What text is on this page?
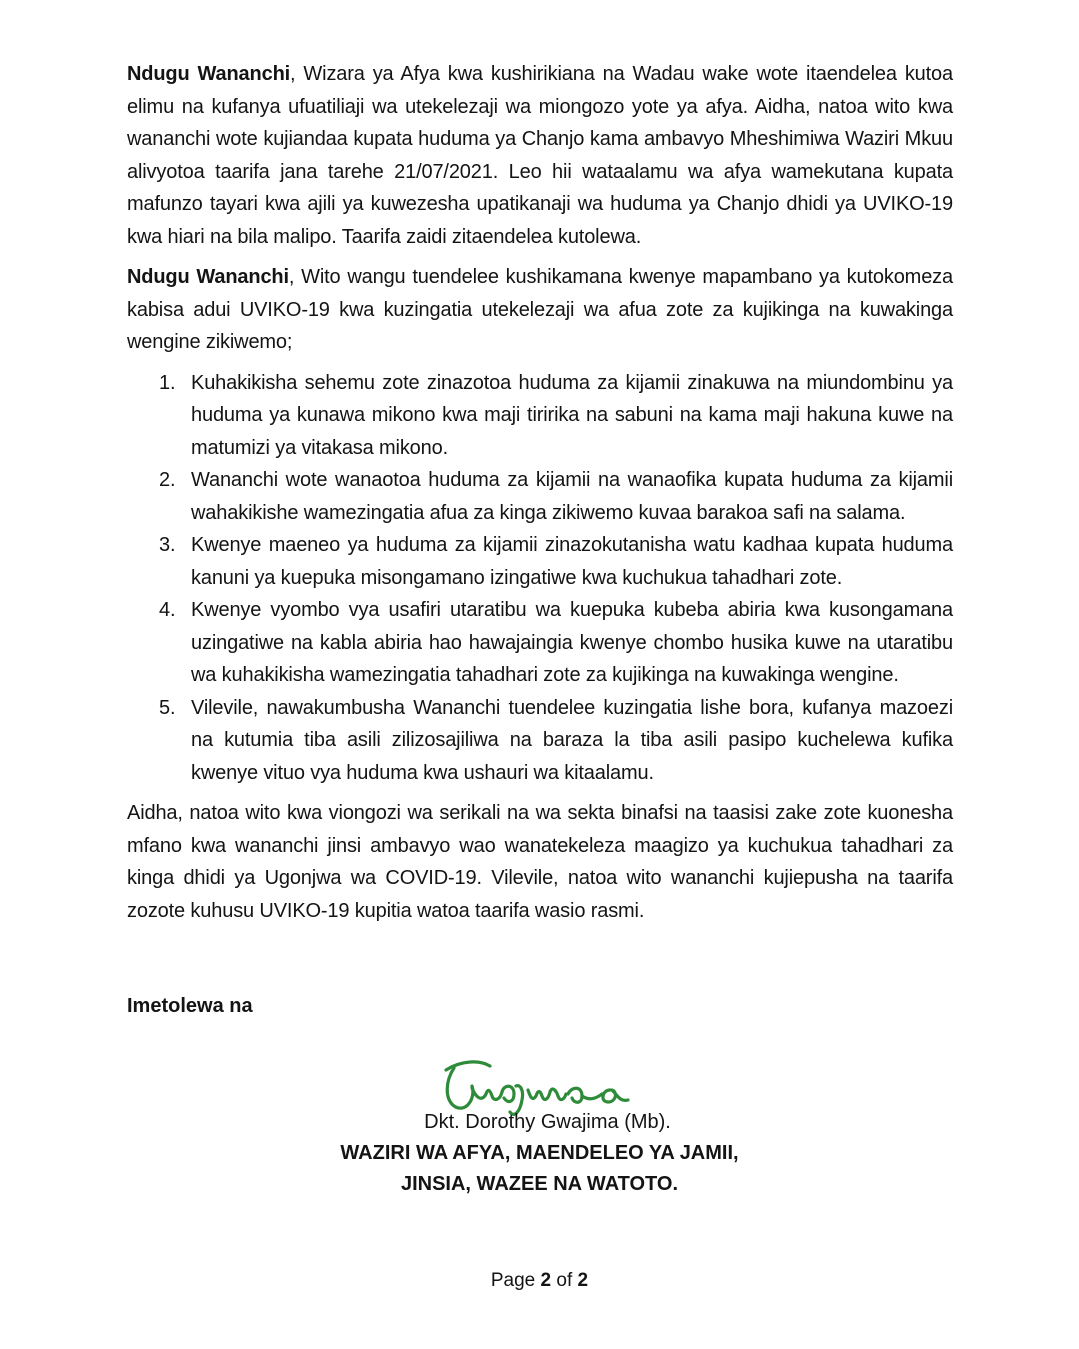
Ndugu Wananchi, Wizara ya Afya kwa kushirikiana na Wadau wake wote itaendelea kutoa elimu na kufanya ufuatiliaji wa utekelezaji wa miongozo yote ya afya. Aidha, natoa wito kwa wananchi wote kujiandaa kupata huduma ya Chanjo kama ambavyo Mheshimiwa Waziri Mkuu alivyotoa taarifa jana tarehe 21/07/2021. Leo hii wataalamu wa afya wamekutana kupata mafunzo tayari kwa ajili ya kuwezesha upatikanaji wa huduma ya Chanjo dhidi ya UVIKO-19 kwa hiari na bila malipo. Taarifa zaidi zitaendelea kutolewa.

Ndugu Wananchi, Wito wangu tuendelee kushikamana kwenye mapambano ya kutokomeza kabisa adui UVIKO-19 kwa kuzingatia utekelezaji wa afua zote za kujikinga na kuwakinga wengine zikiwemo;

1. Kuhakikisha sehemu zote zinazotoa huduma za kijamii zinakuwa na miundombinu ya huduma ya kunawa mikono kwa maji tiririka na sabuni na kama maji hakuna kuwe na matumizi ya vitakasa mikono.
2. Wananchi wote wanaotoa huduma za kijamii na wanaofika kupata huduma za kijamii wahakikishe wamezingatia afua za kinga zikiwemo kuvaa barakoa safi na salama.
3. Kwenye maeneo ya huduma za kijamii zinazokutanisha watu kadhaa kupata huduma kanuni ya kuepuka misongamano izingatiwe kwa kuchukua tahadhari zote.
4. Kwenye vyombo vya usafiri utaratibu wa kuepuka kubeba abiria kwa kusongamana uzingatiwe na kabla abiria hao hawajaingia kwenye chombo husika kuwe na utaratibu wa kuhakikisha wamezingatia tahadhari zote za kujikinga na kuwakinga wengine.
5. Vilevile, nawakumbusha Wananchi tuendelee kuzingatia lishe bora, kufanya mazoezi na kutumia tiba asili zilizosajiliwa na baraza la tiba asili pasipo kuchelewa kufika kwenye vituo vya huduma kwa ushauri wa kitaalamu.

Aidha, natoa wito kwa viongozi wa serikali na wa sekta binafsi na taasisi zake zote kuonesha mfano kwa wananchi jinsi ambavyo wao wanatekeleza maagizo ya kuchukua tahadhari za kinga dhidi ya Ugonjwa wa COVID-19. Vilevile, natoa wito wananchi kujiepusha na taarifa zozote kuhusu UVIKO-19 kupitia watoa taarifa wasio rasmi.

Imetolewa na
Dkt. Dorothy Gwajima (Mb).
WAZIRI WA AFYA, MAENDELEO YA JAMII,
JINSIA, WAZEE NA WATOTO.
Page 2 of 2
